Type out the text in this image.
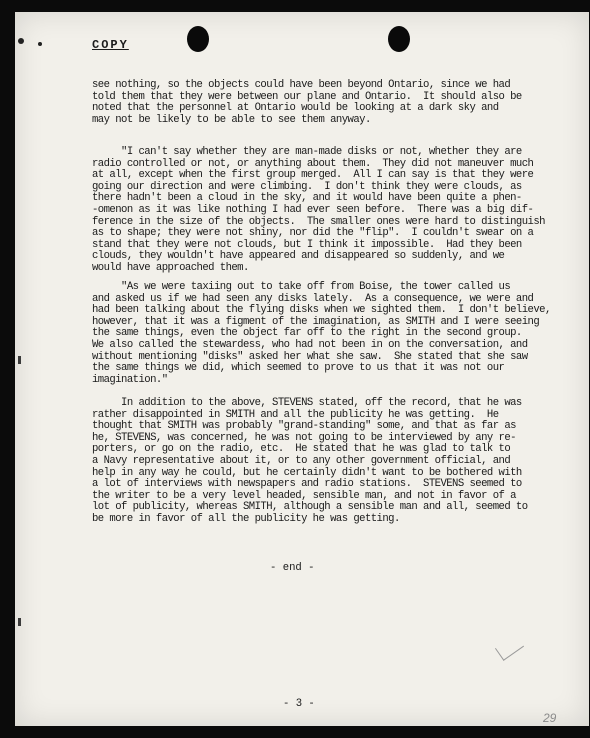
COPY
see nothing, so the objects could have been beyond Ontario, since we had
told them that they were between our plane and Ontario.  It should also be
noted that the personnel at Ontario would be looking at a dark sky and
may not be likely to be able to see them anyway.
"I can't say whether they are man-made disks or not, whether they are
radio controlled or not, or anything about them.  They did not maneuver much
at all, except when the first group merged.  All I can say is that they were
going our direction and were climbing.  I don't think they were clouds, as
there hadn't been a cloud in the sky, and it would have been quite a phen-
-omenon as it was like nothing I had ever seen before.  There was a big dif-
ference in the size of the objects.  The smaller ones were hard to distinguish
as to shape; they were not shiny, nor did the "flip".  I couldn't swear on a
stand that they were not clouds, but I think it impossible.  Had they been
clouds, they wouldn't have appeared and disappeared so suddenly, and we
would have approached them.
"As we were taxiing out to take off from Boise, the tower called us
and asked us if we had seen any disks lately.  As a consequence, we were and
had been talking about the flying disks when we sighted them.  I don't believe,
however, that it was a figment of the imagination, as SMITH and I were seeing
the same things, even the object far off to the right in the second group.
We also called the stewardess, who had not been in on the conversation, and
without mentioning "disks" asked her what she saw.  She stated that she saw
the same things we did, which seemed to prove to us that it was not our
imagination."
In addition to the above, STEVENS stated, off the record, that he was
rather disappointed in SMITH and all the publicity he was getting.  He
thought that SMITH was probably "grand-standing" some, and that as far as
he, STEVENS, was concerned, he was not going to be interviewed by any re-
porters, or go on the radio, etc.  He stated that he was glad to talk to
a Navy representative about it, or to any other government official, and
help in any way he could, but he certainly didn't want to be bothered with
a lot of interviews with newspapers and radio stations.  STEVENS seemed to
the writer to be a very level headed, sensible man, and not in favor of a
lot of publicity, whereas SMITH, although a sensible man and all, seemed to
be more in favor of all the publicity he was getting.
- end -
- 3 -
29
